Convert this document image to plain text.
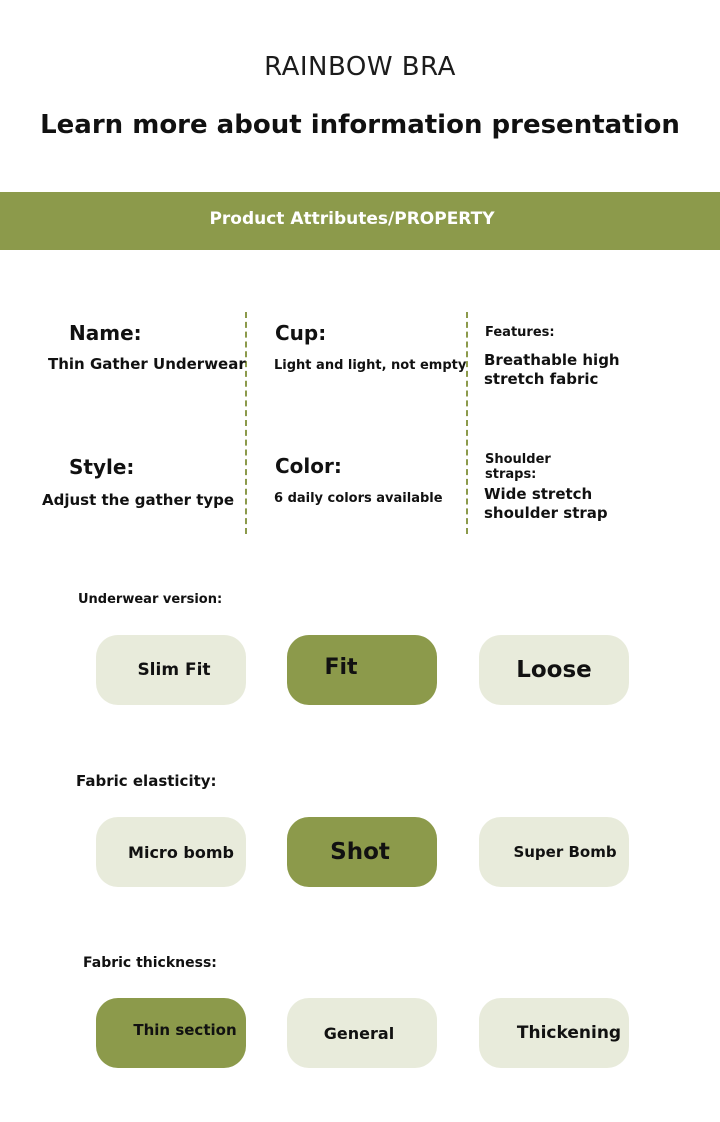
RAINBOW BRA
Learn more about information presentation
Product Attributes/PROPERTY
Name:
Thin Gather Underwear
Cup:
Light and light, not empty
Features:
Breathable high
stretch fabric
Style:
Adjust the gather type
Color:
6 daily colors available
Shoulder
straps:
Wide stretch
shoulder strap
Underwear version:
Slim Fit	Fit	Loose
Fabric elasticity:
Micro bomb	Shot	Super Bomb
Fabric thickness:
Thin section	General	Thickening
